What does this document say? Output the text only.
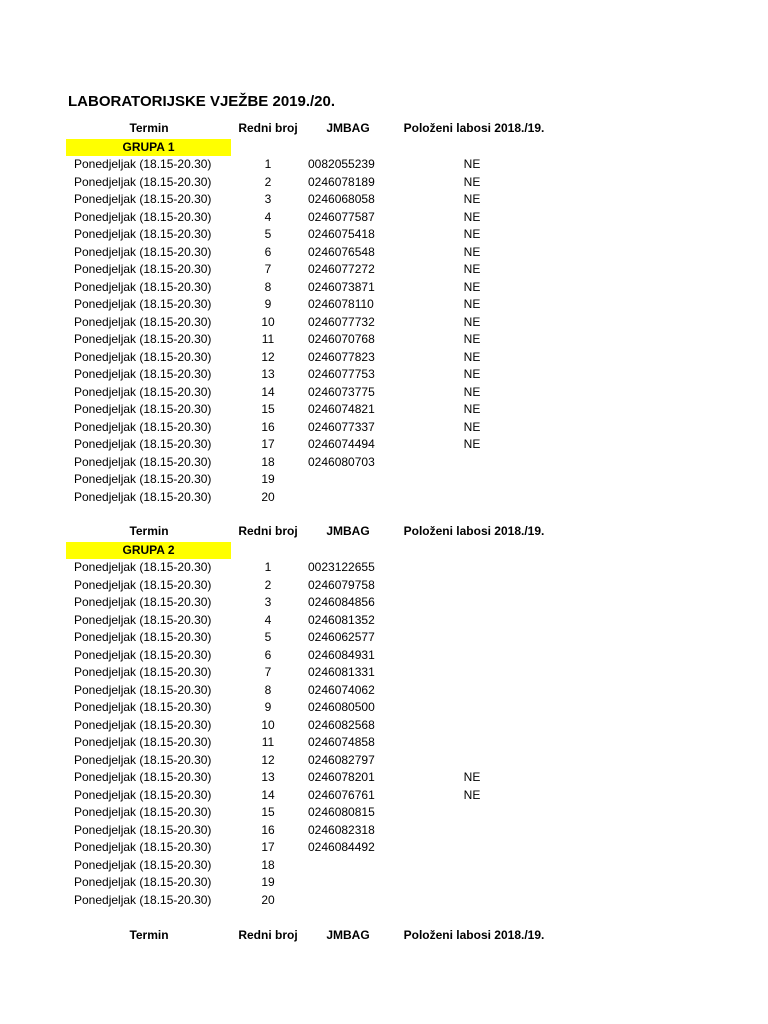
LABORATORIJSKE VJEŽBE 2019./20.
Termin	Redni broj	JMBAG	Položeni labosi 2018./19.
GRUPA 1
Ponedjeljak (18.15-20.30)	1	0082055239	NE
Ponedjeljak (18.15-20.30)	2	0246078189	NE
Ponedjeljak (18.15-20.30)	3	0246068058	NE
Ponedjeljak (18.15-20.30)	4	0246077587	NE
Ponedjeljak (18.15-20.30)	5	0246075418	NE
Ponedjeljak (18.15-20.30)	6	0246076548	NE
Ponedjeljak (18.15-20.30)	7	0246077272	NE
Ponedjeljak (18.15-20.30)	8	0246073871	NE
Ponedjeljak (18.15-20.30)	9	0246078110	NE
Ponedjeljak (18.15-20.30)	10	0246077732	NE
Ponedjeljak (18.15-20.30)	11	0246070768	NE
Ponedjeljak (18.15-20.30)	12	0246077823	NE
Ponedjeljak (18.15-20.30)	13	0246077753	NE
Ponedjeljak (18.15-20.30)	14	0246073775	NE
Ponedjeljak (18.15-20.30)	15	0246074821	NE
Ponedjeljak (18.15-20.30)	16	0246077337	NE
Ponedjeljak (18.15-20.30)	17	0246074494	NE
Ponedjeljak (18.15-20.30)	18	0246080703
Ponedjeljak (18.15-20.30)	19
Ponedjeljak (18.15-20.30)	20
Termin	Redni broj	JMBAG	Položeni labosi 2018./19.
GRUPA 2
Ponedjeljak (18.15-20.30)	1	0023122655
Ponedjeljak (18.15-20.30)	2	0246079758
Ponedjeljak (18.15-20.30)	3	0246084856
Ponedjeljak (18.15-20.30)	4	0246081352
Ponedjeljak (18.15-20.30)	5	0246062577
Ponedjeljak (18.15-20.30)	6	0246084931
Ponedjeljak (18.15-20.30)	7	0246081331
Ponedjeljak (18.15-20.30)	8	0246074062
Ponedjeljak (18.15-20.30)	9	0246080500
Ponedjeljak (18.15-20.30)	10	0246082568
Ponedjeljak (18.15-20.30)	11	0246074858
Ponedjeljak (18.15-20.30)	12	0246082797
Ponedjeljak (18.15-20.30)	13	0246078201	NE
Ponedjeljak (18.15-20.30)	14	0246076761	NE
Ponedjeljak (18.15-20.30)	15	0246080815
Ponedjeljak (18.15-20.30)	16	0246082318
Ponedjeljak (18.15-20.30)	17	0246084492
Ponedjeljak (18.15-20.30)	18
Ponedjeljak (18.15-20.30)	19
Ponedjeljak (18.15-20.30)	20
Termin	Redni broj	JMBAG	Položeni labosi 2018./19.
